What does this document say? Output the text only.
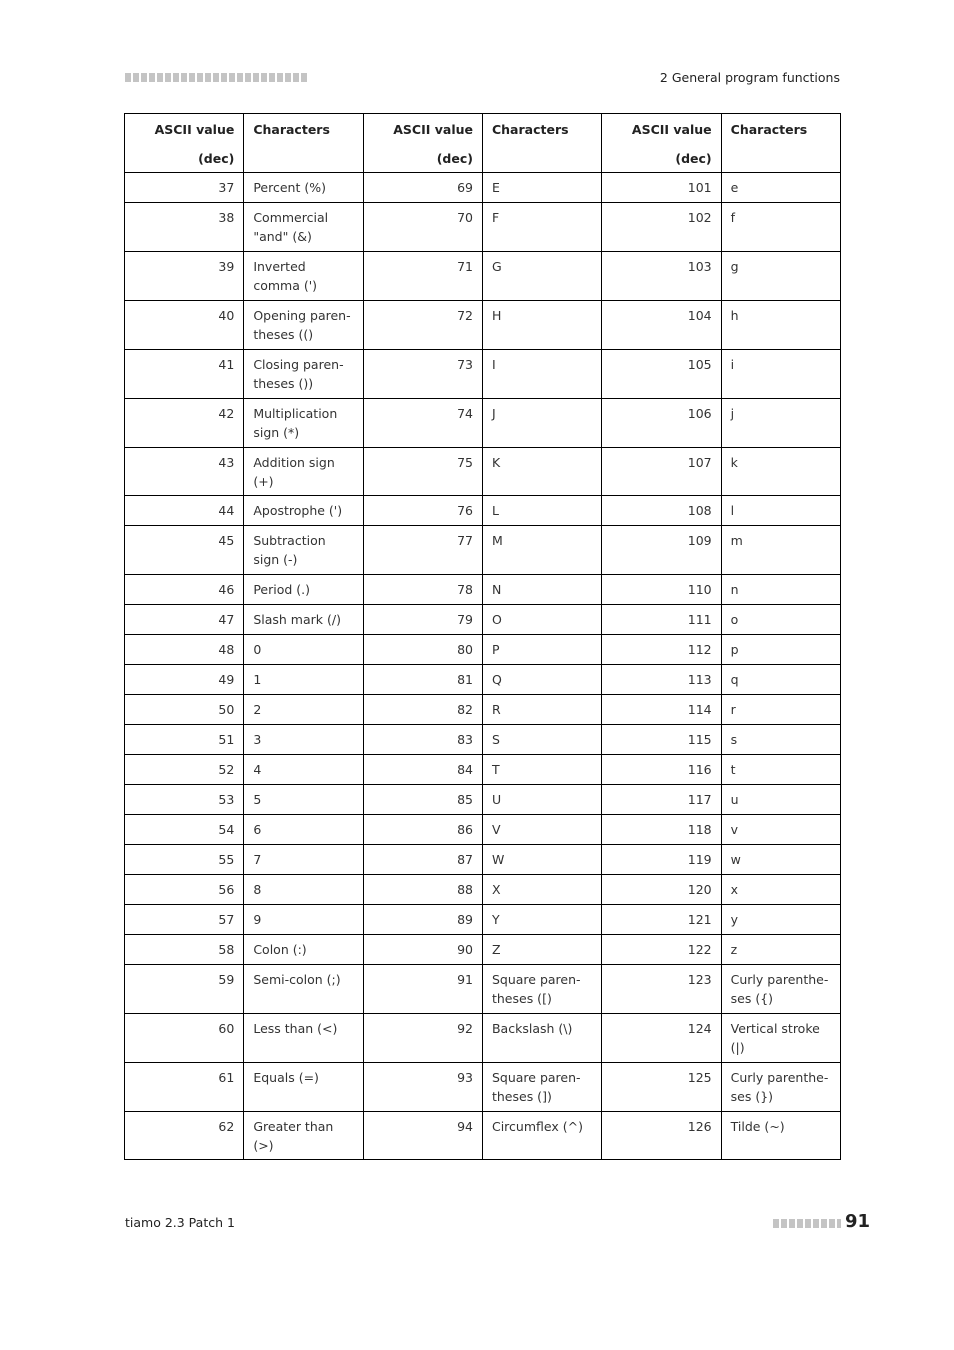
2 General program functions
ASCII value
(dec)	Characters	ASCII value
(dec)	Characters	ASCII value
(dec)	Characters
37	Percent (%)	69	E	101	e
38	Commercial "and" (&)	70	F	102	f
39	Inverted comma (')	71	G	103	g
40	Opening paren-theses (()	72	H	104	h
41	Closing paren-theses ())	73	I	105	i
42	Multiplication sign (*)	74	J	106	j
43	Addition sign (+)	75	K	107	k
44	Apostrophe (')	76	L	108	l
45	Subtraction sign (-)	77	M	109	m
46	Period (.)	78	N	110	n
47	Slash mark (/)	79	O	111	o
48	0	80	P	112	p
49	1	81	Q	113	q
50	2	82	R	114	r
51	3	83	S	115	s
52	4	84	T	116	t
53	5	85	U	117	u
54	6	86	V	118	v
55	7	87	W	119	w
56	8	88	X	120	x
57	9	89	Y	121	y
58	Colon (:)	90	Z	122	z
59	Semi-colon (;)	91	Square paren-theses ([)	123	Curly parenthe-ses ({)
60	Less than (<)	92	Backslash (\)	124	Vertical stroke (|)
61	Equals (=)	93	Square paren-theses (])	125	Curly parenthe-ses (})
62	Greater than (>)	94	Circumflex (^)	126	Tilde (~)
tiamo 2.3 Patch 1	91
